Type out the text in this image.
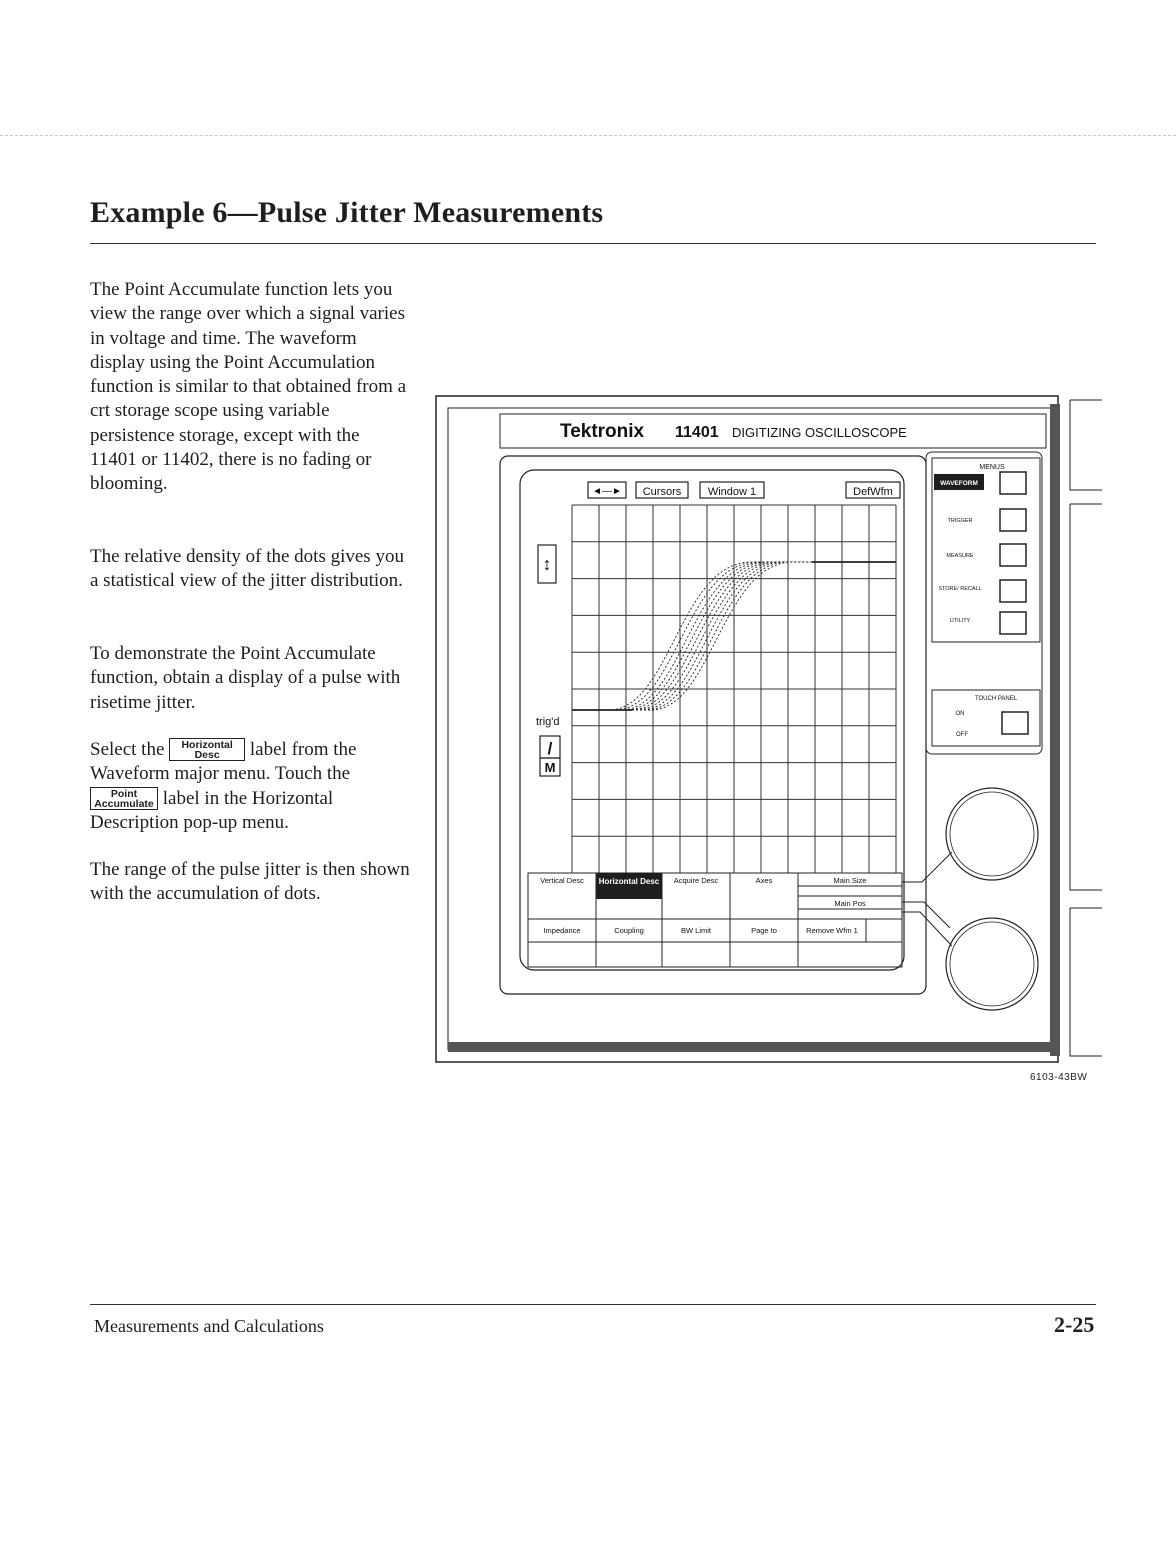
Example 6—Pulse Jitter Measurements

The Point Accumulate function lets you view the range over which a signal varies in voltage and time. The waveform display using the Point Accumulation function is similar to that obtained from a crt storage scope using variable persistence storage, except with the 11401 or 11402, there is no fading or blooming.

The relative density of the dots gives you a statistical view of the jitter distribution.

To demonstrate the Point Accumulate function, obtain a display of a pulse with risetime jitter.

Select the	Horizontal
Desc	label from the Waveform major menu. Touch the
Point
Accumulate label in the Horizontal Description pop-up menu.

The range of the pulse jitter is then shown with the accumulation of dots.

Tektronix 11401 DIGITIZING OSCILLOSCOPE
◄—► Cursors Window 1	DefWfm
↕
trig'd
/
M
Vertical Desc Horizontal Desc Acquire Desc	Axes	Main Size
Main Pos
Impedance	Coupling	BW Limit	Page to	Remove Wfm 1
MENUS
WAVEFORM
TRIGGER
MEASURE
STORE/ RECALL
UTILITY
TOUCH PANEL
ON
OFF
6103-43BW
Measurements and Calculations	2-25
